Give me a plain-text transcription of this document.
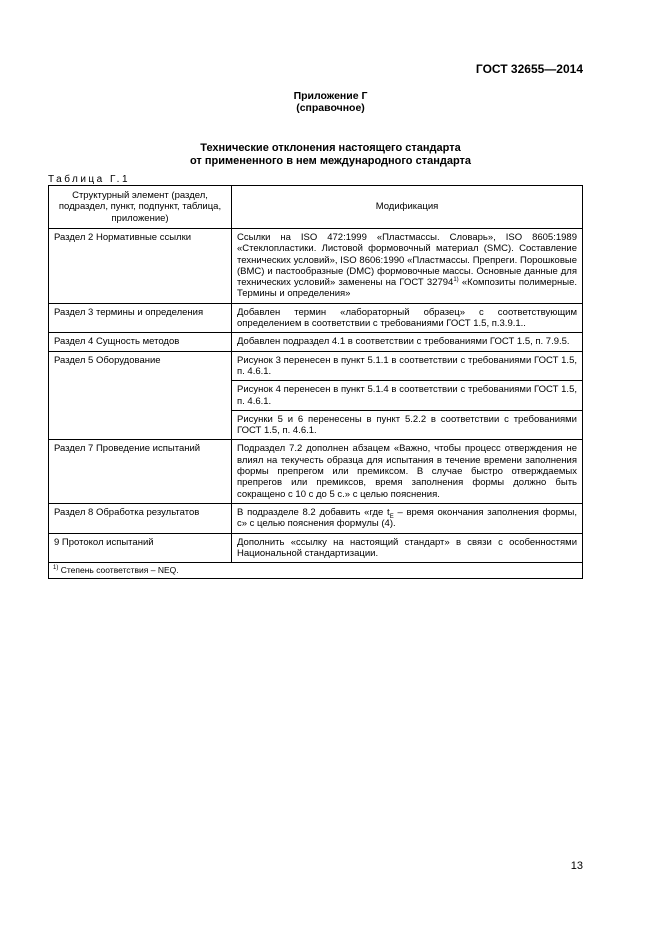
ГОСТ 32655—2014
Приложение Г
(справочное)
Технические отклонения настоящего стандарта
от примененного в нем международного стандарта
Таблица Г.1
Структурный элемент (раздел, подраздел, пункт, подпункт, таблица, приложение)	Модификация
Раздел 2 Нормативные ссылки	Ссылки на ISO 472:1999 «Пластмассы. Словарь», ISO 8605:1989 «Стеклопластики. Листовой формовочный материал (SMC). Составление технических условий», ISO 8606:1990 «Пластмассы. Препреги. Порошковые (BMC) и пастообразные (DMC) формовочные массы. Основные данные для технических условий» заменены на ГОСТ 32794$^{1)}$ «Композиты полимерные. Термины и определения»
Раздел 3 термины и определения	Добавлен термин «лабораторный образец» с соответствующим определением в соответствии с требованиями ГОСТ 1.5, п.3.9.1..
Раздел 4 Сущность методов	Добавлен подраздел 4.1 в соответствии с требованиями ГОСТ 1.5, п. 7.9.5.
Раздел 5 Оборудование	Рисунок 3 перенесен в пункт 5.1.1 в соответствии с требованиями ГОСТ 1.5, п. 4.6.1.
	Рисунок 4 перенесен в пункт 5.1.4 в соответствии с требованиями ГОСТ 1.5, п. 4.6.1.
	Рисунки 5 и 6 перенесены в пункт 5.2.2 в соответствии с требованиями ГОСТ 1.5, п. 4.6.1.
Раздел 7 Проведение испытаний	Подраздел 7.2 дополнен абзацем «Важно, чтобы процесс отверждения не влиял на текучесть образца для испытания в течение времени заполнения формы препрегом или премиксом. В случае быстро отверждаемых препрегов или премиксов, время заполнения формы должно быть сокращено с 10 с до 5 с.» с целью пояснения.
Раздел 8 Обработка результатов	В подразделе 8.2 добавить «где $t_E$ – время окончания заполнения формы, с» с целью пояснения формулы (4).
9 Протокол испытаний	Дополнить «ссылку на настоящий стандарт» в связи с особенностями Национальной стандартизации.
$^{1)}$ Степень соответствия – NEQ.	
13
